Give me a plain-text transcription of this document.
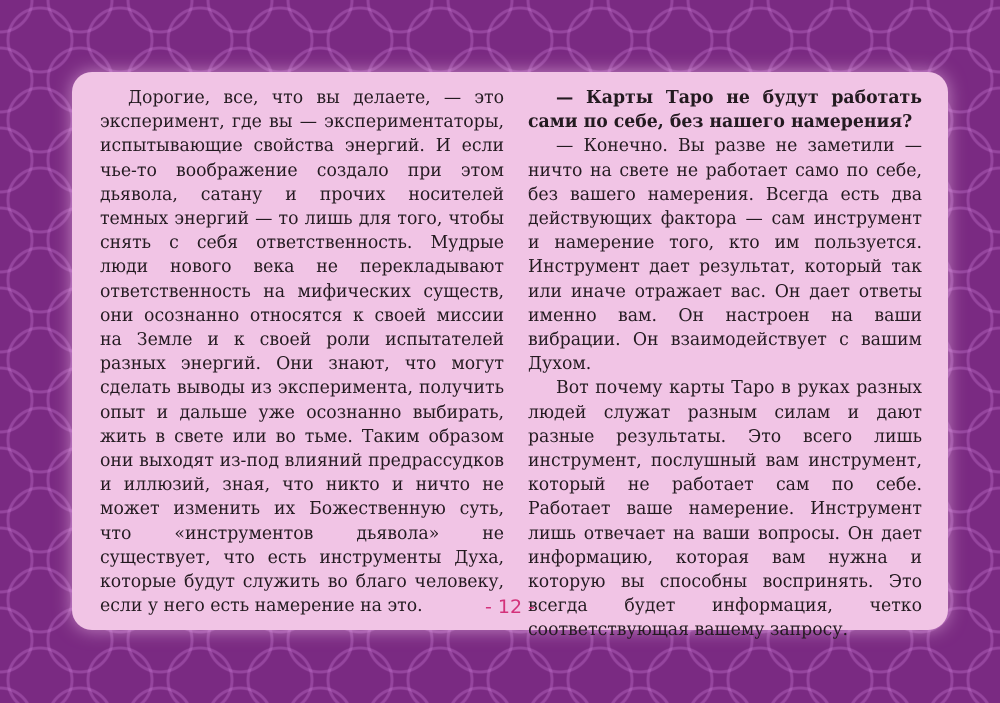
Дорогие, все, что вы делаете, — это эксперимент, где вы — экспериментаторы, испытывающие свойства энергий. И если чье-то воображение создало при этом дьявола, сатану и прочих носителей темных энергий — то лишь для того, чтобы снять с себя ответственность. Мудрые люди нового века не перекладывают ответственность на мифических существ, они осознанно относятся к своей миссии на Земле и к своей роли испытателей разных энергий. Они знают, что могут сделать выводы из эксперимента, получить опыт и дальше уже осознанно выбирать, жить в свете или во тьме. Таким образом они выходят из-под влияний предрассудков и иллюзий, зная, что никто и ничто не может изменить их Божественную суть, что «инструментов дьявола» не существует, что есть инструменты Духа, которые будут служить во благо человеку, если у него есть намерение на это.

— Карты Таро не будут работать сами по себе, без нашего намерения?

— Конечно. Вы разве не заметили — ничто на свете не работает само по себе, без вашего намерения. Всегда есть два действующих фактора — сам инструмент и намерение того, кто им пользуется. Инструмент дает результат, который так или иначе отражает вас. Он дает ответы именно вам. Он настроен на ваши вибрации. Он взаимодействует с вашим Духом.

Вот почему карты Таро в руках разных людей служат разным силам и дают разные результаты. Это всего лишь инструмент, послушный вам инструмент, который не работает сам по себе. Работает ваше намерение. Инструмент лишь отвечает на ваши вопросы. Он дает информацию, которая вам нужна и которую вы способны воспринять. Это всегда будет информация, четко соответствующая вашему запросу.

- 12 -
